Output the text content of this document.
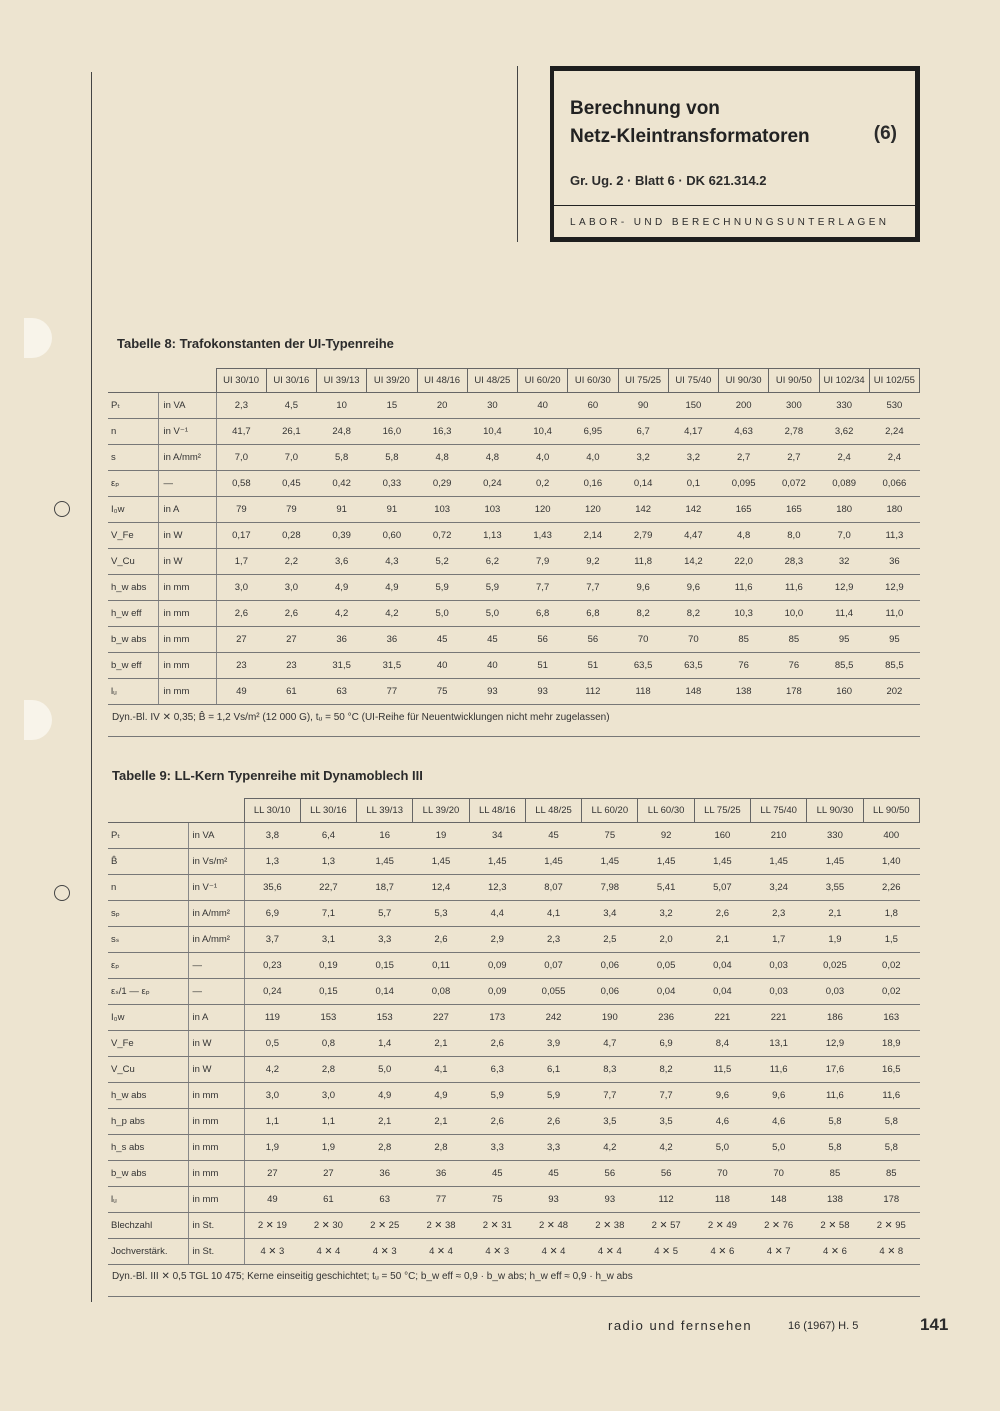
Berechnung von
Netz-Kleintransformatoren	(6)
Gr. Ug. 2 · Blatt 6 · DK 621.314.2
LABOR- UND BERECHNUNGSUNTERLAGEN
Tabelle 8: Trafokonstanten der UI-Typenreihe
		UI 30/10	UI 30/16	UI 39/13	UI 39/20	UI 48/16	UI 48/25	UI 60/20	UI 60/30	UI 75/25	UI 75/40	UI 90/30	UI 90/50	UI 102/34	UI 102/55
Pₜ	in VA	2,3	4,5	10	15	20	30	40	60	90	150	200	300	330	530
n	in V⁻¹	41,7	26,1	24,8	16,0	16,3	10,4	10,4	6,95	6,7	4,17	4,63	2,78	3,62	2,24
s	in A/mm²	7,0	7,0	5,8	5,8	4,8	4,8	4,0	4,0	3,2	3,2	2,7	2,7	2,4	2,4
εₚ	—	0,58	0,45	0,42	0,33	0,29	0,24	0,2	0,16	0,14	0,1	0,095	0,072	0,089	0,066
I₀w	in A	79	79	91	91	103	103	120	120	142	142	165	165	180	180
V_Fe	in W	0,17	0,28	0,39	0,60	0,72	1,13	1,43	2,14	2,79	4,47	4,8	8,0	7,0	11,3
V_Cu	in W	1,7	2,2	3,6	4,3	5,2	6,2	7,9	9,2	11,8	14,2	22,0	28,3	32	36
h_w abs	in mm	3,0	3,0	4,9	4,9	5,9	5,9	7,7	7,7	9,6	9,6	11,6	11,6	12,9	12,9
h_w eff	in mm	2,6	2,6	4,2	4,2	5,0	5,0	6,8	6,8	8,2	8,2	10,3	10,0	11,4	11,0
b_w abs	in mm	27	27	36	36	45	45	56	56	70	70	85	85	95	95
b_w eff	in mm	23	23	31,5	31,5	40	40	51	51	63,5	63,5	76	76	85,5	85,5
lᵤ	in mm	49	61	63	77	75	93	93	112	118	148	138	178	160	202
Dyn.-Bl. IV ✕ 0,35; B̂ = 1,2 Vs/m² (12 000 G), tᵤ = 50 °C (UI-Reihe für Neuentwicklungen nicht mehr zugelassen)
Tabelle 9: LL-Kern Typenreihe mit Dynamoblech III
		LL 30/10	LL 30/16	LL 39/13	LL 39/20	LL 48/16	LL 48/25	LL 60/20	LL 60/30	LL 75/25	LL 75/40	LL 90/30	LL 90/50
Pₜ	in VA	3,8	6,4	16	19	34	45	75	92	160	210	330	400
B̂	in Vs/m²	1,3	1,3	1,45	1,45	1,45	1,45	1,45	1,45	1,45	1,45	1,45	1,40
n	in V⁻¹	35,6	22,7	18,7	12,4	12,3	8,07	7,98	5,41	5,07	3,24	3,55	2,26
sₚ	in A/mm²	6,9	7,1	5,7	5,3	4,4	4,1	3,4	3,2	2,6	2,3	2,1	1,8
sₛ	in A/mm²	3,7	3,1	3,3	2,6	2,9	2,3	2,5	2,0	2,1	1,7	1,9	1,5
εₚ	—	0,23	0,19	0,15	0,11	0,09	0,07	0,06	0,05	0,04	0,03	0,025	0,02
εₛ/1 — εₚ	—	0,24	0,15	0,14	0,08	0,09	0,055	0,06	0,04	0,04	0,03	0,03	0,02
I₀w	in A	119	153	153	227	173	242	190	236	221	221	186	163
V_Fe	in W	0,5	0,8	1,4	2,1	2,6	3,9	4,7	6,9	8,4	13,1	12,9	18,9
V_Cu	in W	4,2	2,8	5,0	4,1	6,3	6,1	8,3	8,2	11,5	11,6	17,6	16,5
h_w abs	in mm	3,0	3,0	4,9	4,9	5,9	5,9	7,7	7,7	9,6	9,6	11,6	11,6
h_p abs	in mm	1,1	1,1	2,1	2,1	2,6	2,6	3,5	3,5	4,6	4,6	5,8	5,8
h_s abs	in mm	1,9	1,9	2,8	2,8	3,3	3,3	4,2	4,2	5,0	5,0	5,8	5,8
b_w abs	in mm	27	27	36	36	45	45	56	56	70	70	85	85
lᵤ	in mm	49	61	63	77	75	93	93	112	118	148	138	178
Blechzahl	in St.	2 ✕ 19	2 ✕ 30	2 ✕ 25	2 ✕ 38	2 ✕ 31	2 ✕ 48	2 ✕ 38	2 ✕ 57	2 ✕ 49	2 ✕ 76	2 ✕ 58	2 ✕ 95
Jochverstärk.	in St.	4 ✕ 3	4 ✕ 4	4 ✕ 3	4 ✕ 4	4 ✕ 3	4 ✕ 4	4 ✕ 4	4 ✕ 5	4 ✕ 6	4 ✕ 7	4 ✕ 6	4 ✕ 8
Dyn.-Bl. III ✕ 0,5 TGL 10 475; Kerne einseitig geschichtet; tᵤ = 50 °C; b_w eff ≈ 0,9 · b_w abs; h_w eff ≈ 0,9 · h_w abs
radio und fernsehen	16 (1967) H. 5	141
